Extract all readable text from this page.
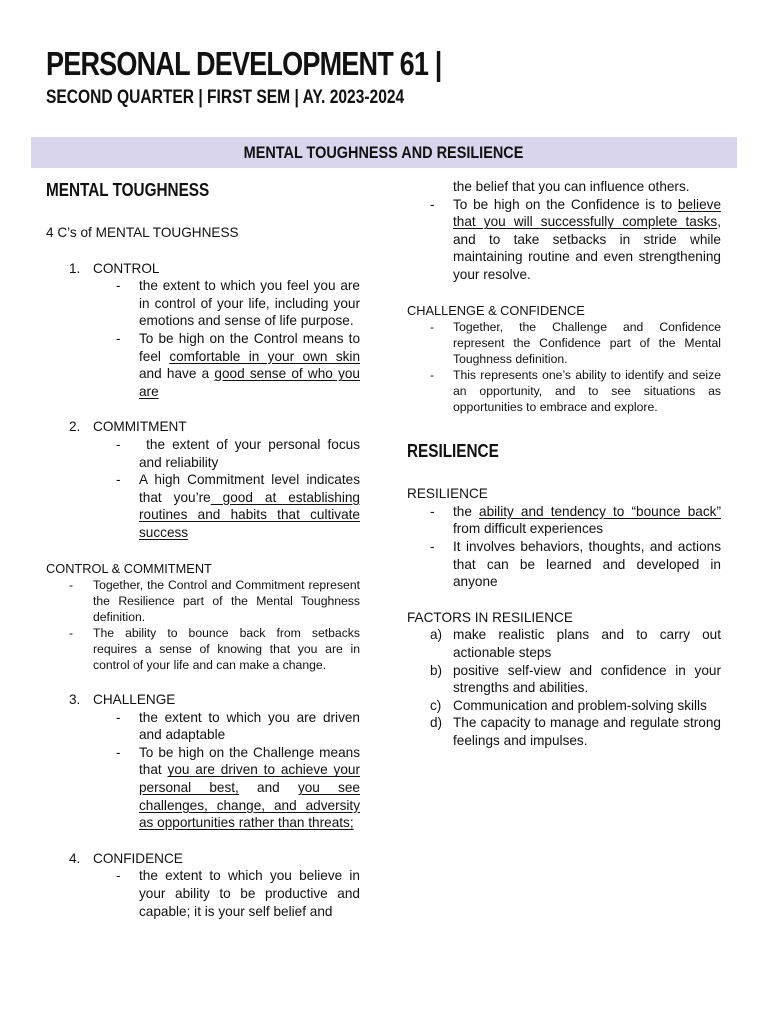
PERSONAL DEVELOPMENT 61 |
SECOND QUARTER | FIRST SEM | AY. 2023-2024
MENTAL TOUGHNESS AND RESILIENCE

MENTAL TOUGHNESS

4 C’s of MENTAL TOUGHNESS

1. CONTROL

- the extent to which you feel you are in control of your life, including your emotions and sense of life purpose.
- To be high on the Control means to feel comfortable in your own skin and have a good sense of who you are

2. COMMITMENT

- the extent of your personal focus and reliability
- A high Commitment level indicates that you’re good at establishing routines and habits that cultivate success

CONTROL & COMMITMENT

- Together, the Control and Commitment represent the Resilience part of the Mental Toughness definition.
- The ability to bounce back from setbacks requires a sense of knowing that you are in control of your life and can make a change.

3. CHALLENGE

- the extent to which you are driven and adaptable
- To be high on the Challenge means that you are driven to achieve your personal best, and you see challenges, change, and adversity as opportunities rather than threats;

4. CONFIDENCE

- the extent to which you believe in your ability to be productive and capable; it is your self belief and
the belief that you can influence others.
- To be high on the Confidence is to believe that you will successfully complete tasks, and to take setbacks in stride while maintaining routine and even strengthening your resolve.

CHALLENGE & CONFIDENCE

- Together, the Challenge and Confidence represent the Confidence part of the Mental Toughness definition.
- This represents one’s ability to identify and seize an opportunity, and to see situations as opportunities to embrace and explore.

RESILIENCE

RESILIENCE

- the ability and tendency to “bounce back” from difficult experiences
- It involves behaviors, thoughts, and actions that can be learned and developed in anyone

FACTORS IN RESILIENCE

a) make realistic plans and to carry out actionable steps
b) positive self-view and confidence in your strengths and abilities.
c) Communication and problem-solving skills
d) The capacity to manage and regulate strong feelings and impulses.
